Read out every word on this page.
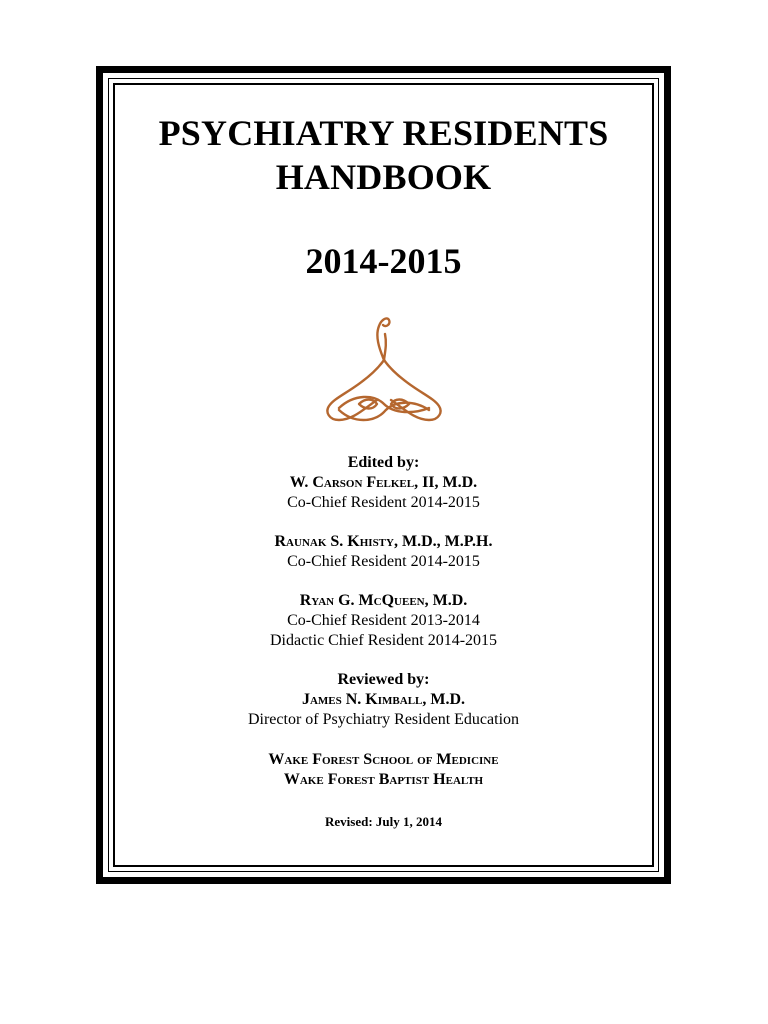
PSYCHIATRY RESIDENTS
HANDBOOK
2014-2015
Edited by:
W. Carson Felkel, II, M.D.
Co-Chief Resident 2014-2015
Raunak S. Khisty, M.D., M.P.H.
Co-Chief Resident 2014-2015
Ryan G. McQueen, M.D.
Co-Chief Resident 2013-2014
Didactic Chief Resident 2014-2015
Reviewed by:
James N. Kimball, M.D.
Director of Psychiatry Resident Education
Wake Forest School of Medicine
Wake Forest Baptist Health
Revised: July 1, 2014
